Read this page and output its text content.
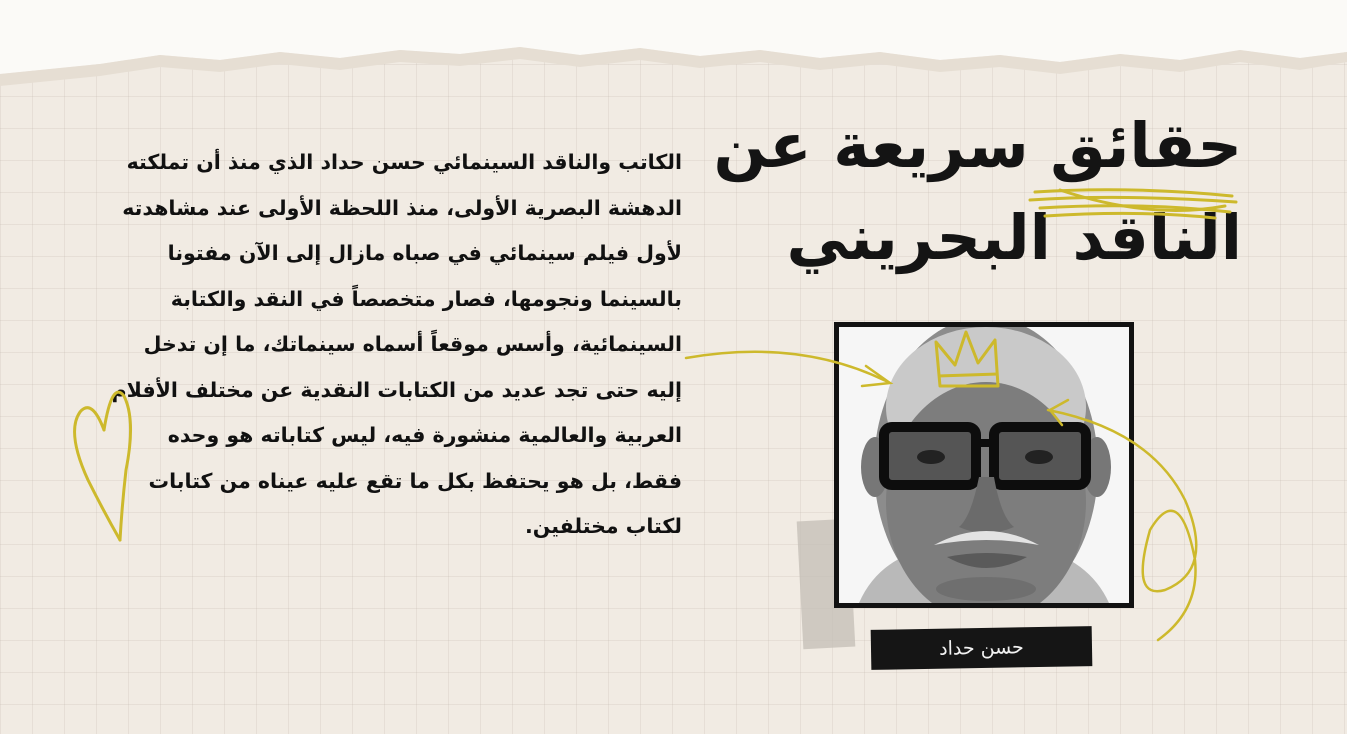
حقائق سريعة عن
الناقد البحريني

الكاتب والناقد السينمائي حسن حداد الذي منذ أن تملكته الدهشة البصرية الأولى، منذ اللحظة الأولى عند مشاهدته لأول فيلم سينمائي في صباه مازال إلى الآن مفتونا بالسينما ونجومها، فصار متخصصاً في النقد والكتابة السينمائية، وأسس موقعاً أسماه سينماتك، ما إن تدخل إليه حتى تجد عديد من الكتابات النقدية عن مختلف الأفلام العربية والعالمية منشورة فيه، ليس كتاباته هو وحده فقط، بل هو يحتفظ بكل ما تقع عليه عيناه من كتابات لكتاب مختلفين.

حسن حداد
